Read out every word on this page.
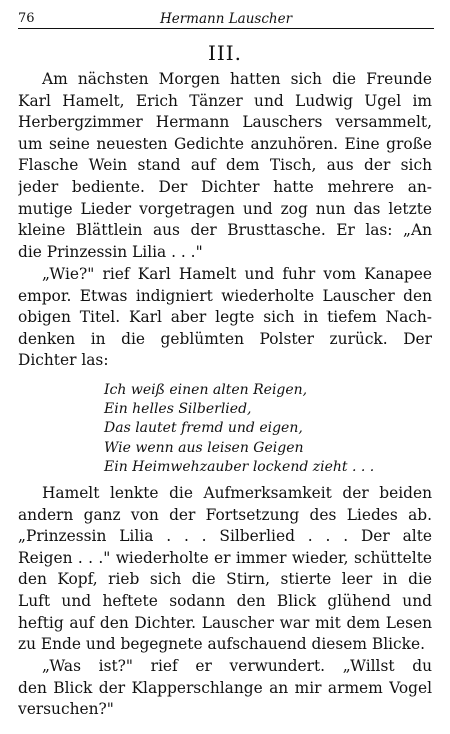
76	Hermann Lauscher
III.
Am nächsten Morgen hatten sich die Freunde
Karl Hamelt, Erich Tänzer und Ludwig Ugel im
Herbergzimmer Hermann Lauschers versammelt,
um seine neuesten Gedichte anzuhören. Eine große
Flasche Wein stand auf dem Tisch, aus der sich
jeder bediente. Der Dichter hatte mehrere an-
mutige Lieder vorgetragen und zog nun das letzte
kleine Blättlein aus der Brusttasche. Er las: „An
die Prinzessin Lilia . . ."
„Wie?" rief Karl Hamelt und fuhr vom Kanapee
empor. Etwas indigniert wiederholte Lauscher den
obigen Titel. Karl aber legte sich in tiefem Nach-
denken in die geblümten Polster zurück. Der
Dichter las:
Ich weiß einen alten Reigen,
Ein helles Silberlied,
Das lautet fremd und eigen,
Wie wenn aus leisen Geigen
Ein Heimwehzauber lockend zieht . . .
Hamelt lenkte die Aufmerksamkeit der beiden
andern ganz von der Fortsetzung des Liedes ab.
„Prinzessin Lilia . . . Silberlied . . . Der alte
Reigen . . ." wiederholte er immer wieder, schüttelte
den Kopf, rieb sich die Stirn, stierte leer in die
Luft und heftete sodann den Blick glühend und
heftig auf den Dichter. Lauscher war mit dem Lesen
zu Ende und begegnete aufschauend diesem Blicke.
„Was ist?" rief er verwundert. „Willst du
den Blick der Klapperschlange an mir armem Vogel
versuchen?"
